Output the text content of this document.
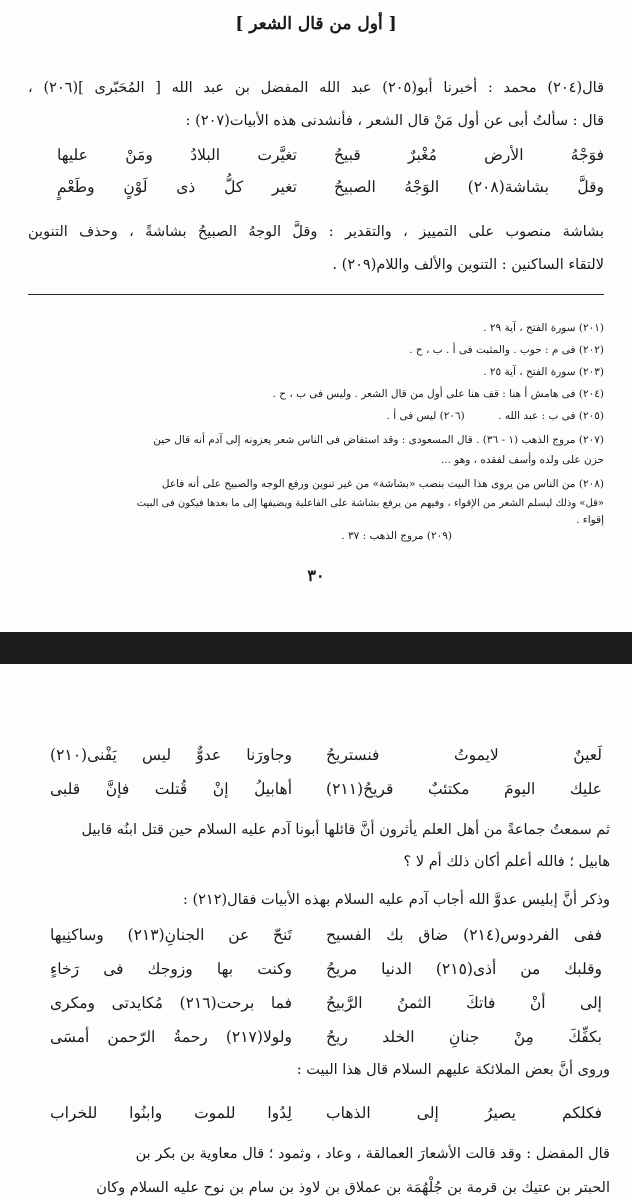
[ أول من قال الشعر ]
قال(٢٠٤) محمد : أخبرنا أبو(٢٠٥) عبد الله المفضل بن عبد الله [ المُحَبّرى ](٢٠٦) ،
قال : سألتُ أبى عن أول مَنْ قال الشعر ، فأنشدنى هذه الأبيات(٢٠٧) :
تغيَّرت البلادُ ومَنْ عليها فوَجْهُ الأرض مُغْبرٌ قبيحُ
تغير كلُّ ذى لَوْنٍ وطَعْمٍ وقلَّ بشاشة(٢٠٨) الوَجْهُ الصبيحُ
بشاشة منصوب على التمييز ، والتقدير : وقلَّ الوجهُ الصبيحُ بشاشةً ، وحذف التنوين
لالتقاء الساكنين : التنوين والألف واللام(٢٠٩) .
(٢٠١) سورة الفتح ، آية ٢٩ .
(٢٠٢) فى م : حوب . والمثبت فى أ . ب ، ح .
(٢٠٣) سورة الفتح ، آية ٢٥ .
(٢٠٤) فى هامش أ هنا : قف هنا على أول من قال الشعر . وليس فى ب ، ح .
(٢٠٥) فى ب : عبد الله .          (٢٠٦) ليس فى أ .
(٢٠٧) مروج الذهب (١ - ٣٦) . قال المسعودى : وقد استفاض فى الناس شعر يعزونه إلى آدم أنه قال حين
حزن على ولده وأسف لفقده ، وهو ...
(٢٠٨) من الناس من يروى هذا البيت بنصب «بشاشة» من غير تنوين ورفع الوجه والصبيح على أنه فاعل
«قل» وذلك ليسلم الشعر من الإقواء ، وفيهم من يرفع بشاشة على الفاعلية ويضيفها إلى ما بعدها فيكون فى البيت
إقواء .
(٢٠٩) مروج الذهب : ٣٧ .
٣٠
وجاورَنا عدوٌّ ليس يَفْنى(٢١٠) لَعينٌ لايموتُ فنستريحُ
أهابيلُ إنْ قُتلت فإنَّ قلبى عليك اليومَ مكتئبٌ قريحُ(٢١١)
ثم سمعتُ جماعةً من أهل العلم يأثرون أنَّ قائلها أبونا آدم عليه السلام حين قتل ابنُه قابيل
هابيل ؛ فالله أعلم أكان ذلك أم لا ؟
وذكر أنَّ إبليس عدوَّ الله أجاب آدم عليه السلام بهذه الأبيات فقال(٢١٢) :
تَنحّ عن الجنانِ(٢١٣) وساكنِيها ففى الفردوس(٢١٤) ضاق بك الفسيح
وكنت بها وزوجك فى رَخاءٍ وقلبك من أذى(٢١٥) الدنيا مريحُ
فما برحت(٢١٦) مُكايدتى ومكرى إلى أنْ فاتكَ الثمنُ الرَّبيحُ
ولولا(٢١٧) رحمةُ الرّحمن أمسَى بكفِّكَ مِنْ جنانِ الخلد ريحُ
وروى أنَّ بعض الملائكة عليهم السلام قال هذا البيت :
لِدُوا للموت وابنُوا للخراب فكلكم يصيرُ إلى الذهاب
قال المفضل : وقد قالت الأشعارَ العمالقة ، وعاد ، وثمود ؛ قال معاوية بن بكر بن
الحبتر بن عتيك بن قرمة بن جُلْهُمَة بن عملاق بن لاوذ بن سام بن نوح عليه السلام وكان
